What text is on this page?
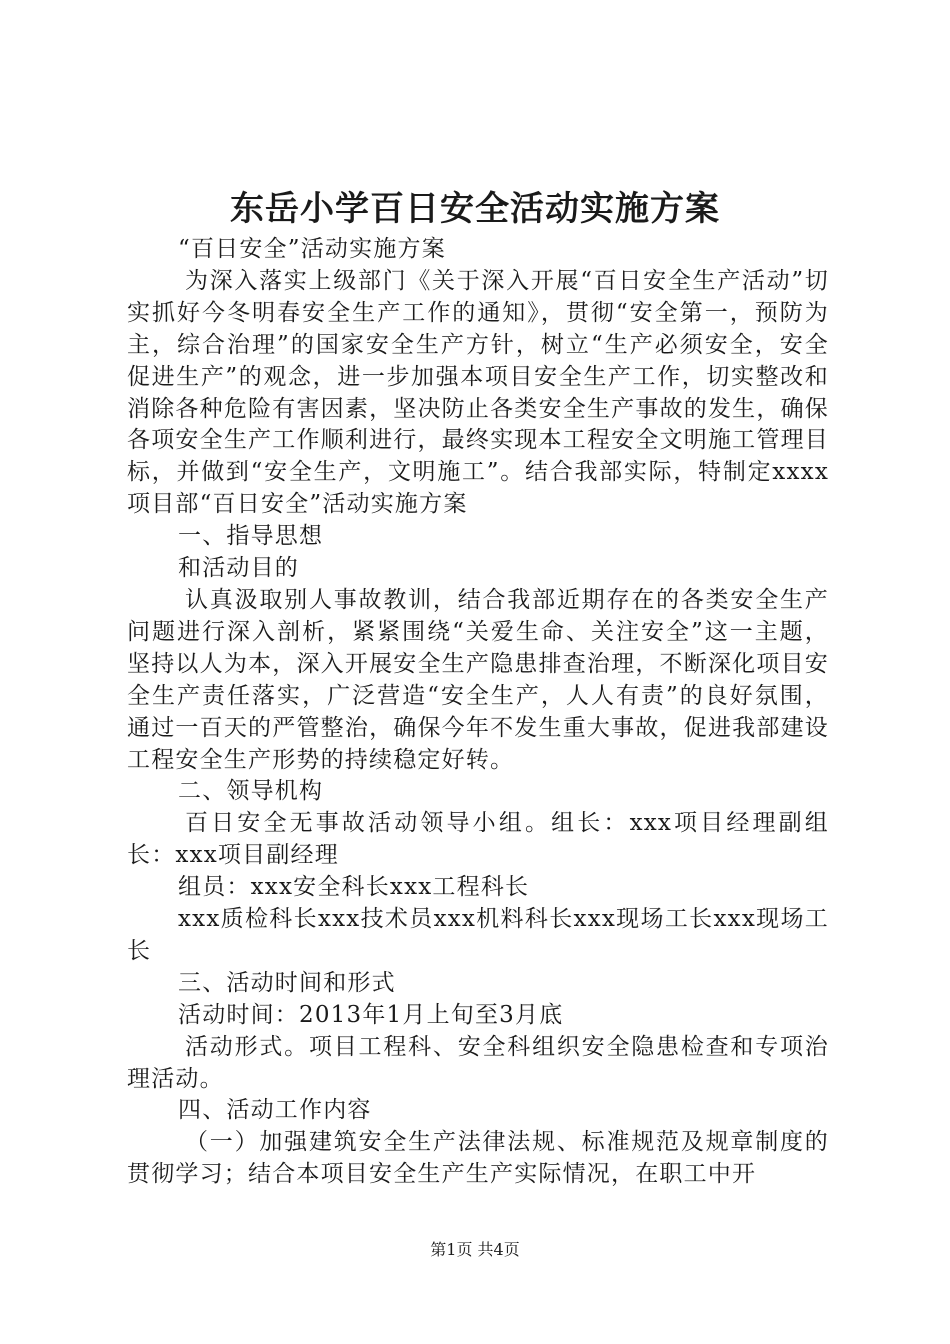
东岳小学百日安全活动实施方案

“百日安全”活动实施方案

为深入落实上级部门《关于深入开展“百日安全生产活动”切实抓好今冬明春安全生产工作的通知》，贯彻“安全第一，预防为主，综合治理”的国家安全生产方针，树立“生产必须安全，安全促进生产”的观念，进一步加强本项目安全生产工作，切实整改和消除各种危险有害因素，坚决防止各类安全生产事故的发生，确保各项安全生产工作顺利进行，最终实现本工程安全文明施工管理目标，并做到“安全生产，文明施工”。结合我部实际，特制定xxxx项目部“百日安全”活动实施方案

一、指导思想

和活动目的

认真汲取别人事故教训，结合我部近期存在的各类安全生产问题进行深入剖析，紧紧围绕“关爱生命、关注安全”这一主题，坚持以人为本，深入开展安全生产隐患排查治理，不断深化项目安全生产责任落实，广泛营造“安全生产，人人有责”的良好氛围，通过一百天的严管整治，确保今年不发生重大事故，促进我部建设工程安全生产形势的持续稳定好转。

二、领导机构

百日安全无事故活动领导小组。组长：xxx项目经理副组长：xxx项目副经理

组员：xxx安全科长xxx工程科长

xxx质检科长xxx技术员xxx机料科长xxx现场工长xxx现场工长

三、活动时间和形式

活动时间：2013年1月上旬至3月底

活动形式。项目工程科、安全科组织安全隐患检查和专项治理活动。

四、活动工作内容

（一）加强建筑安全生产法律法规、标准规范及规章制度的贯彻学习；结合本项目安全生产生产实际情况，在职工中开

第1页 共4页
